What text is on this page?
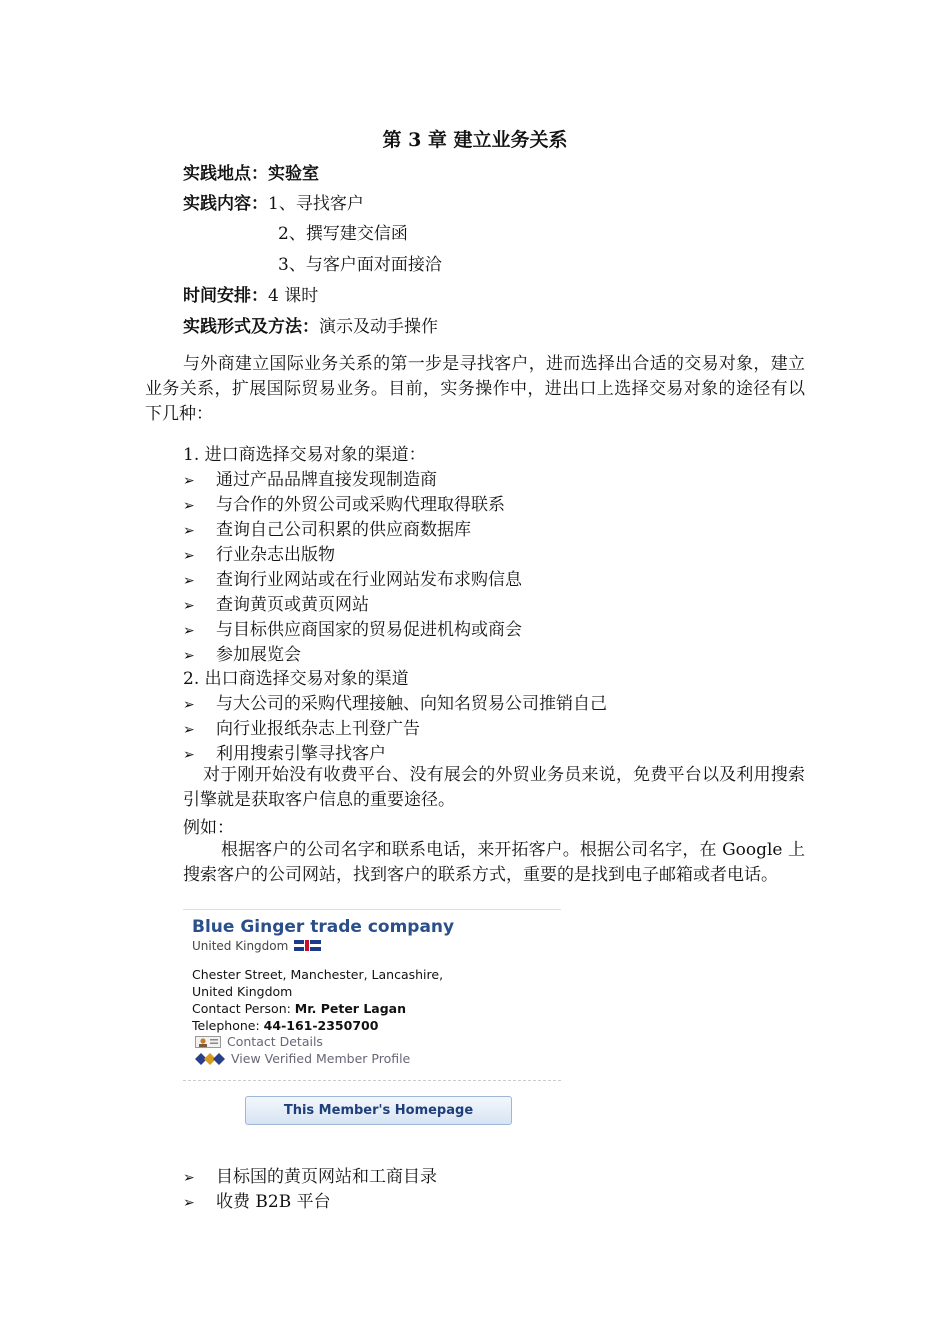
第 3 章 建立业务关系
实践地点：实验室
实践内容：1、寻找客户
2、撰写建交信函
3、与客户面对面接洽
时间安排：4 课时
实践形式及方法：演示及动手操作
与外商建立国际业务关系的第一步是寻找客户，进而选择出合适的交易对象，建立业务关系，扩展国际贸易业务。目前，实务操作中，进出口上选择交易对象的途径有以下几种：
1. 进口商选择交易对象的渠道：
➢ 通过产品品牌直接发现制造商
➢ 与合作的外贸公司或采购代理取得联系
➢ 查询自己公司积累的供应商数据库
➢ 行业杂志出版物
➢ 查询行业网站或在行业网站发布求购信息
➢ 查询黄页或黄页网站
➢ 与目标供应商国家的贸易促进机构或商会
➢ 参加展览会
2. 出口商选择交易对象的渠道
➢ 与大公司的采购代理接触、向知名贸易公司推销自己
➢ 向行业报纸杂志上刊登广告
➢ 利用搜索引擎寻找客户
对于刚开始没有收费平台、没有展会的外贸业务员来说，免费平台以及利用搜索引擎就是获取客户信息的重要途径。
例如：
根据客户的公司名字和联系电话，来开拓客户。根据公司名字，在 Google 上搜索客户的公司网站，找到客户的联系方式，重要的是找到电子邮箱或者电话。
Blue Ginger trade company
United Kingdom
Chester Street, Manchester, Lancashire,
United Kingdom
Contact Person: Mr. Peter Lagan
Telephone: 44-161-2350700
Contact Details
View Verified Member Profile
This Member's Homepage
➢ 目标国的黄页网站和工商目录
➢ 收费 B2B 平台
